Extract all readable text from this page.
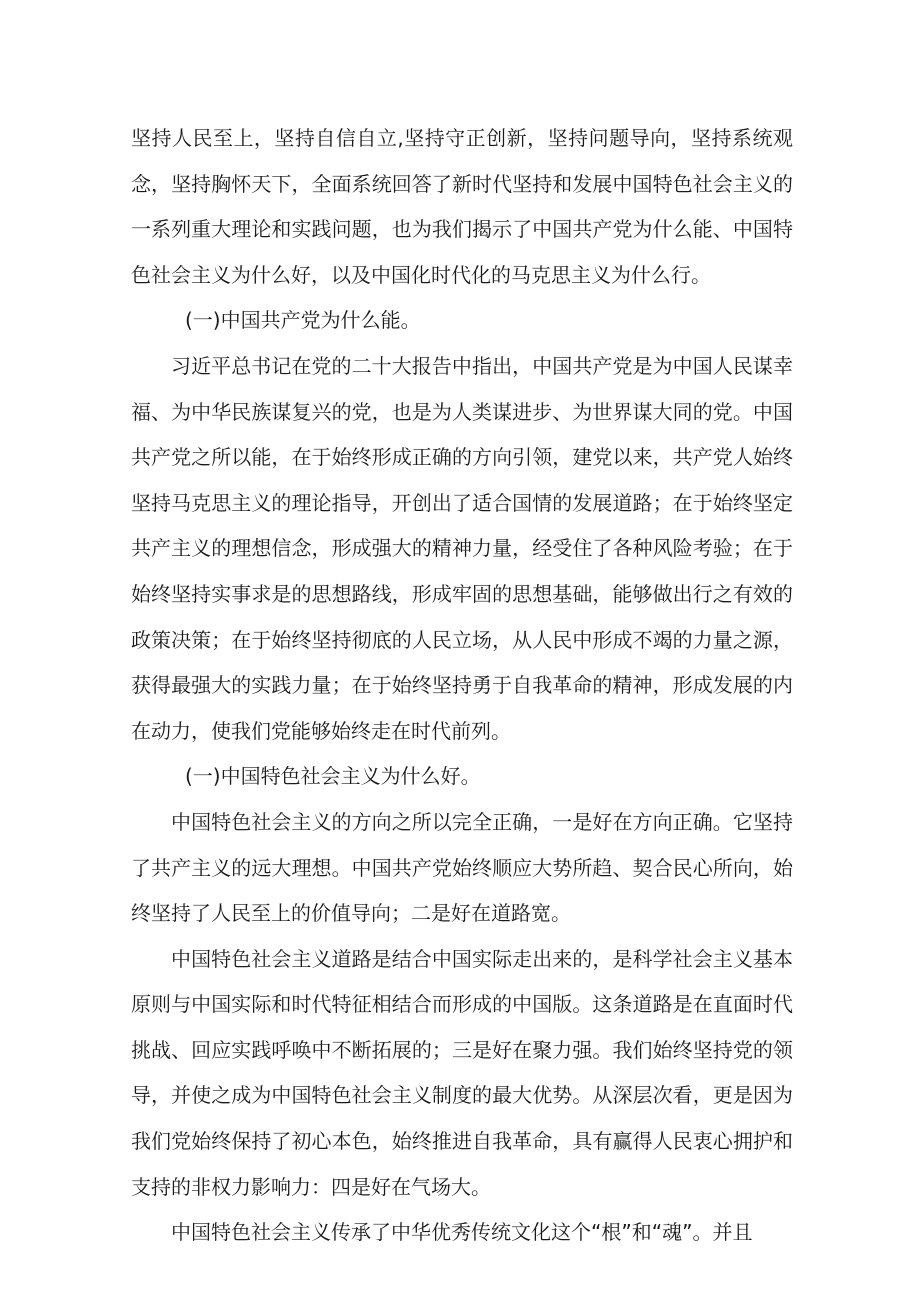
坚持人民至上，坚持自信自立,坚持守正创新，坚持问题导向，坚持系统观念，坚持胸怀天下，全面系统回答了新时代坚持和发展中国特色社会主义的一系列重大理论和实践问题，也为我们揭示了中国共产党为什么能、中国特色社会主义为什么好，以及中国化时代化的马克思主义为什么行。

(一)中国共产党为什么能。

习近平总书记在党的二十大报告中指出，中国共产党是为中国人民谋幸福、为中华民族谋复兴的党，也是为人类谋进步、为世界谋大同的党。中国共产党之所以能，在于始终形成正确的方向引领，建党以来，共产党人始终坚持马克思主义的理论指导，开创出了适合国情的发展道路；在于始终坚定共产主义的理想信念，形成强大的精神力量，经受住了各种风险考验；在于始终坚持实事求是的思想路线，形成牢固的思想基础，能够做出行之有效的政策决策；在于始终坚持彻底的人民立场，从人民中形成不竭的力量之源，获得最强大的实践力量；在于始终坚持勇于自我革命的精神，形成发展的内在动力，使我们党能够始终走在时代前列。

(一)中国特色社会主义为什么好。

中国特色社会主义的方向之所以完全正确，一是好在方向正确。它坚持了共产主义的远大理想。中国共产党始终顺应大势所趋、契合民心所向，始终坚持了人民至上的价值导向；二是好在道路宽。

中国特色社会主义道路是结合中国实际走出来的，是科学社会主义基本原则与中国实际和时代特征相结合而形成的中国版。这条道路是在直面时代挑战、回应实践呼唤中不断拓展的；三是好在聚力强。我们始终坚持党的领导，并使之成为中国特色社会主义制度的最大优势。从深层次看，更是因为我们党始终保持了初心本色，始终推进自我革命，具有赢得人民衷心拥护和支持的非权力影响力：四是好在气场大。

中国特色社会主义传承了中华优秀传统文化这个“根”和“魂”。并且
